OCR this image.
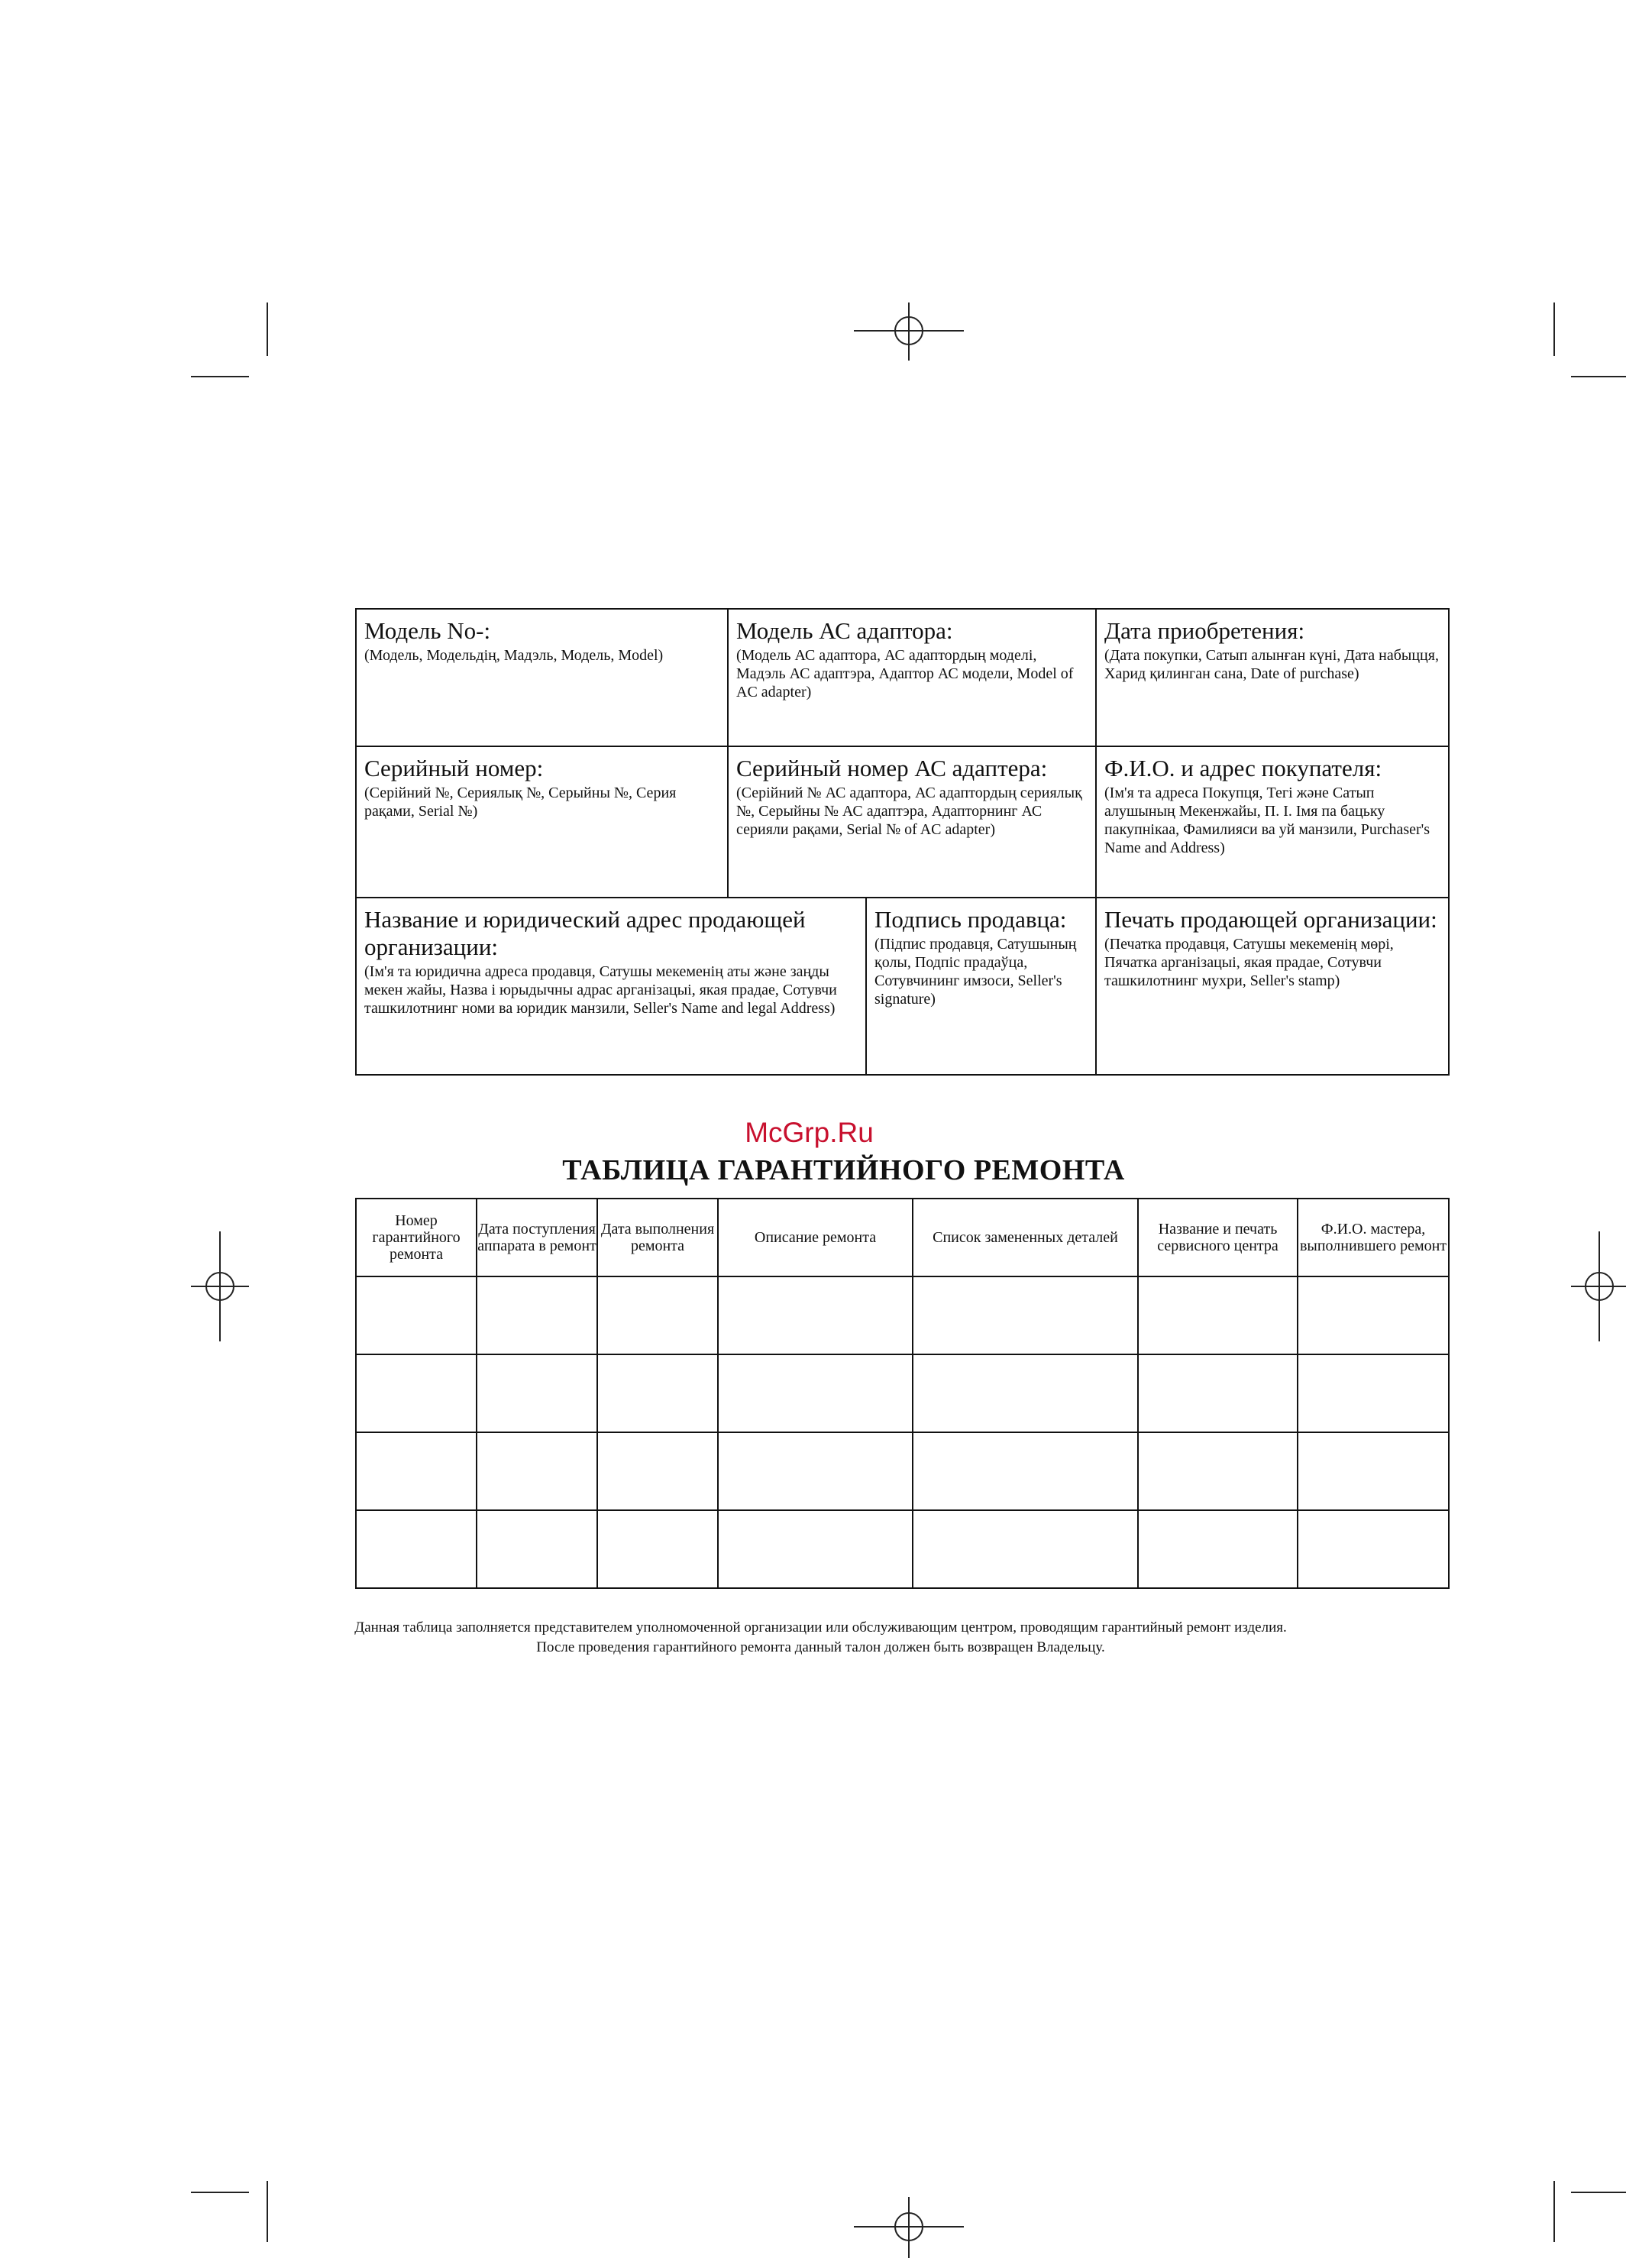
Модель No-:
(Модель, Модельдің, Мадэль, Модель, Model)
Модель АС адаптора:
(Модель АС адаптора, АС адаптордың моделі, Мадэль АС адаптэра, Адаптор АС модели, Model of AC adapter)
Дата приобретения:
(Дата покупки, Сатып алынған күні, Дата набыцця, Харид қилинган сана, Date of purchase)
Серийный номер:
(Серійний №, Сериялық №, Серыйны №, Серия рақами, Serial №)
Серийный номер АС адаптера:
(Серійний № АС адаптора, АС адаптордың сериялық №, Серыйны № АС адаптэра, Адапторнинг АС серияли рақами, Serial № of AC adapter)
Ф.И.О. и адрес покупателя:
(Ім'я та адреса Покупця, Тегі және Сатып алушының Мекенжайы, П. І. Імя па бацьку пакупнікаа, Фамилияси ва уй манзили, Purchaser's Name and Address)
Название и юридический адрес продающей организации:
(Ім'я та юридична адреса продавця, Сатушы мекеменің аты және заңды мекен жайы, Назва і юрыдычны адрас арганізацыі, якая прадае, Сотувчи ташкилотнинг номи ва юридик манзили, Seller's Name and legal Address)
Подпись продавца:
(Підпис продавця, Сатушының қолы, Подпіс прадаўца, Сотувчининг имзоси, Seller's signature)
Печать продающей организации:
(Печатка продавця, Сатушы мекеменің мөрі, Пячатка арганізацыі, якая прадае, Сотувчи ташкилотнинг мухри, Seller's stamp)
McGrp.Ru
ТАБЛИЦА ГАРАНТИЙНОГО РЕМОНТА
Номер гарантийного ремонта	Дата поступления аппарата в ремонт	Дата выполнения ремонта	Описание ремонта	Список замененных деталей	Название и печать сервисного центра	Ф.И.О. мастера, выполнившего ремонт

Данная таблица заполняется представителем уполномоченной организации или обслуживающим центром, проводящим гарантийный ремонт изделия.
После проведения гарантийного ремонта данный талон должен быть возвращен Владельцу.
